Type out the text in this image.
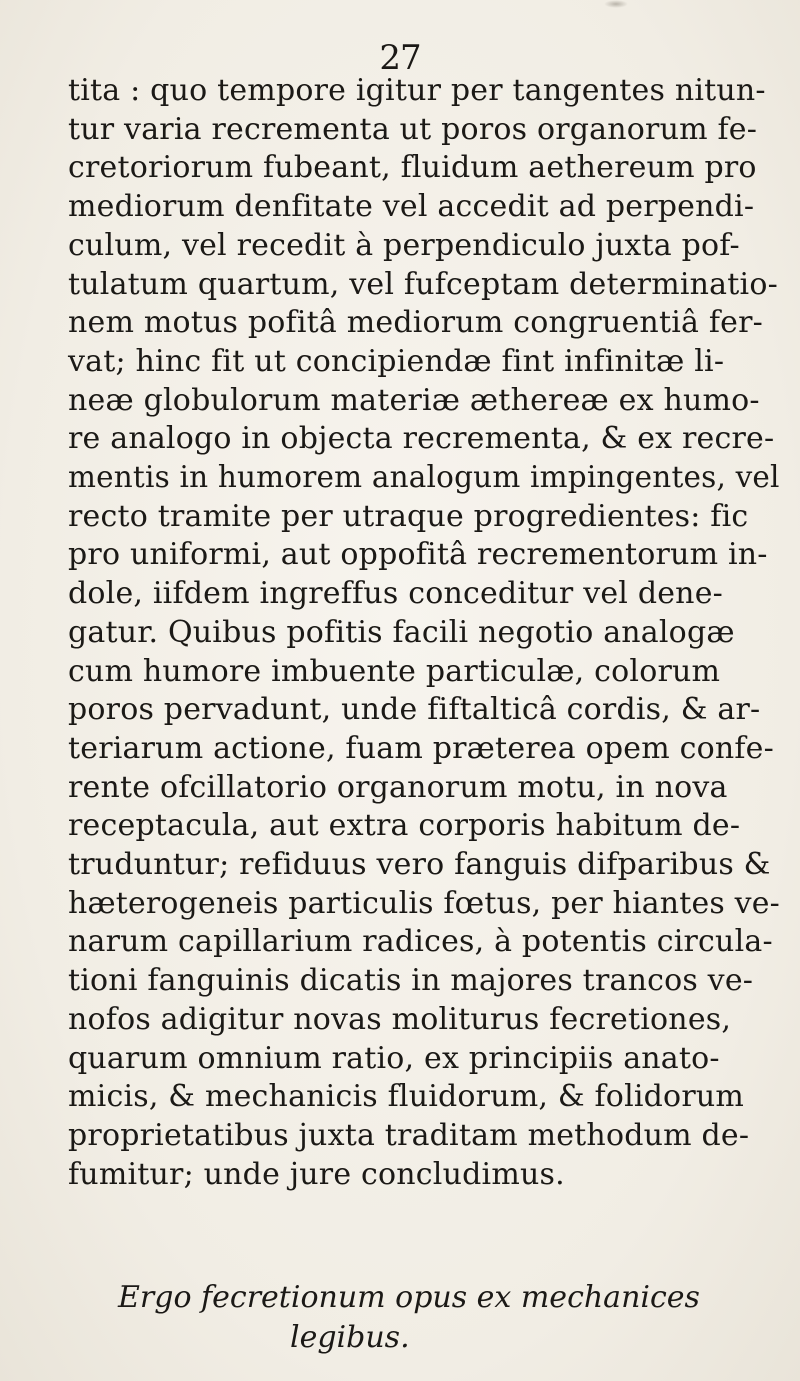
27
tita : quo tempore igitur per tangentes nitun-
tur varia recrementa ut poros organorum fe-
cretoriorum fubeant, fluidum aethereum pro
mediorum denfitate vel accedit ad perpendi-
culum, vel recedit à perpendiculo juxta pof-
tulatum quartum, vel fufceptam determinatio-
nem motus pofitâ mediorum congruentiâ fer-
vat; hinc fit ut concipiendæ fint infinitæ li-
neæ globulorum materiæ æthereæ ex humo-
re analogo in objecta recrementa, & ex recre-
mentis in humorem analogum impingentes, vel
recto tramite per utraque progredientes: fic
pro uniformi, aut oppofitâ recrementorum in-
dole, iifdem ingreffus conceditur vel dene-
gatur. Quibus pofitis facili negotio analogæ
cum humore imbuente particulæ, colorum
poros pervadunt, unde fiftalticâ cordis, & ar-
teriarum actione, fuam præterea opem confe-
rente ofcillatorio organorum motu, in nova
receptacula, aut extra corporis habitum de-
truduntur; refiduus vero fanguis difparibus &
hæterogeneis particulis fœtus, per hiantes ve-
narum capillarium radices, à potentis circula-
tioni fanguinis dicatis in majores trancos ve-
nofos adigitur novas moliturus fecretiones,
quarum omnium ratio, ex principiis anato-
micis, & mechanicis fluidorum, & folidorum
proprietatibus juxta traditam methodum de-
fumitur; unde jure concludimus.
Ergo fecretionum opus ex mechanices
legibus.
